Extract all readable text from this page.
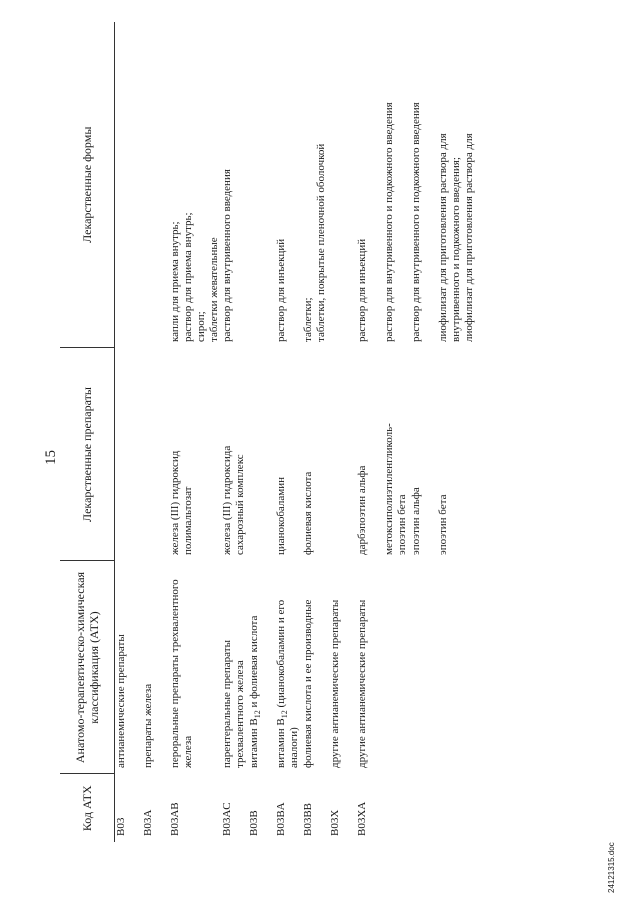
15
Код АТХ	Анатомо-терапевтическо-химическая классификация (АТХ)	Лекарственные препараты	Лекарственные формы
B03	антианемические препараты		

B03A	препараты железа		

B03AB	пероральные препараты трехвалентного железа	железа (III) гидроксид полимальтозат	капли для приема внутрь; раствор для приема внутрь; сироп; таблетки жевательные

B03AC	парентеральные препараты трехвалентного железа	железа (III) гидроксида сахарозный комплекс	раствор для внутривенного введения

B03B	витамин $B_{12}$ и фолиевая кислота		

B03BA	витамин $B_{12}$ (цианокобаламин и его
аналоги)	цианокобаламин	раствор для инъекций

B03BB	фолиевая кислота и ее производные	фолиевая кислота	таблетки; таблетки, покрытые пленочной оболочкой

B03X	другие антианемические препараты		

B03XA	другие антианемические препараты	дарбэпоэтин альфа	раствор для инъекций

		метоксиполиэтиленгликоль- эпоэтин бета	раствор для внутривенного и подкожного введения

		эпоэтин альфа	раствор для внутривенного и подкожного введения

		эпоэтин бета	лиофилизат для приготовления раствора для внутривенного и подкожного введения; лиофилизат для приготовления раствора для
24121315.doc
